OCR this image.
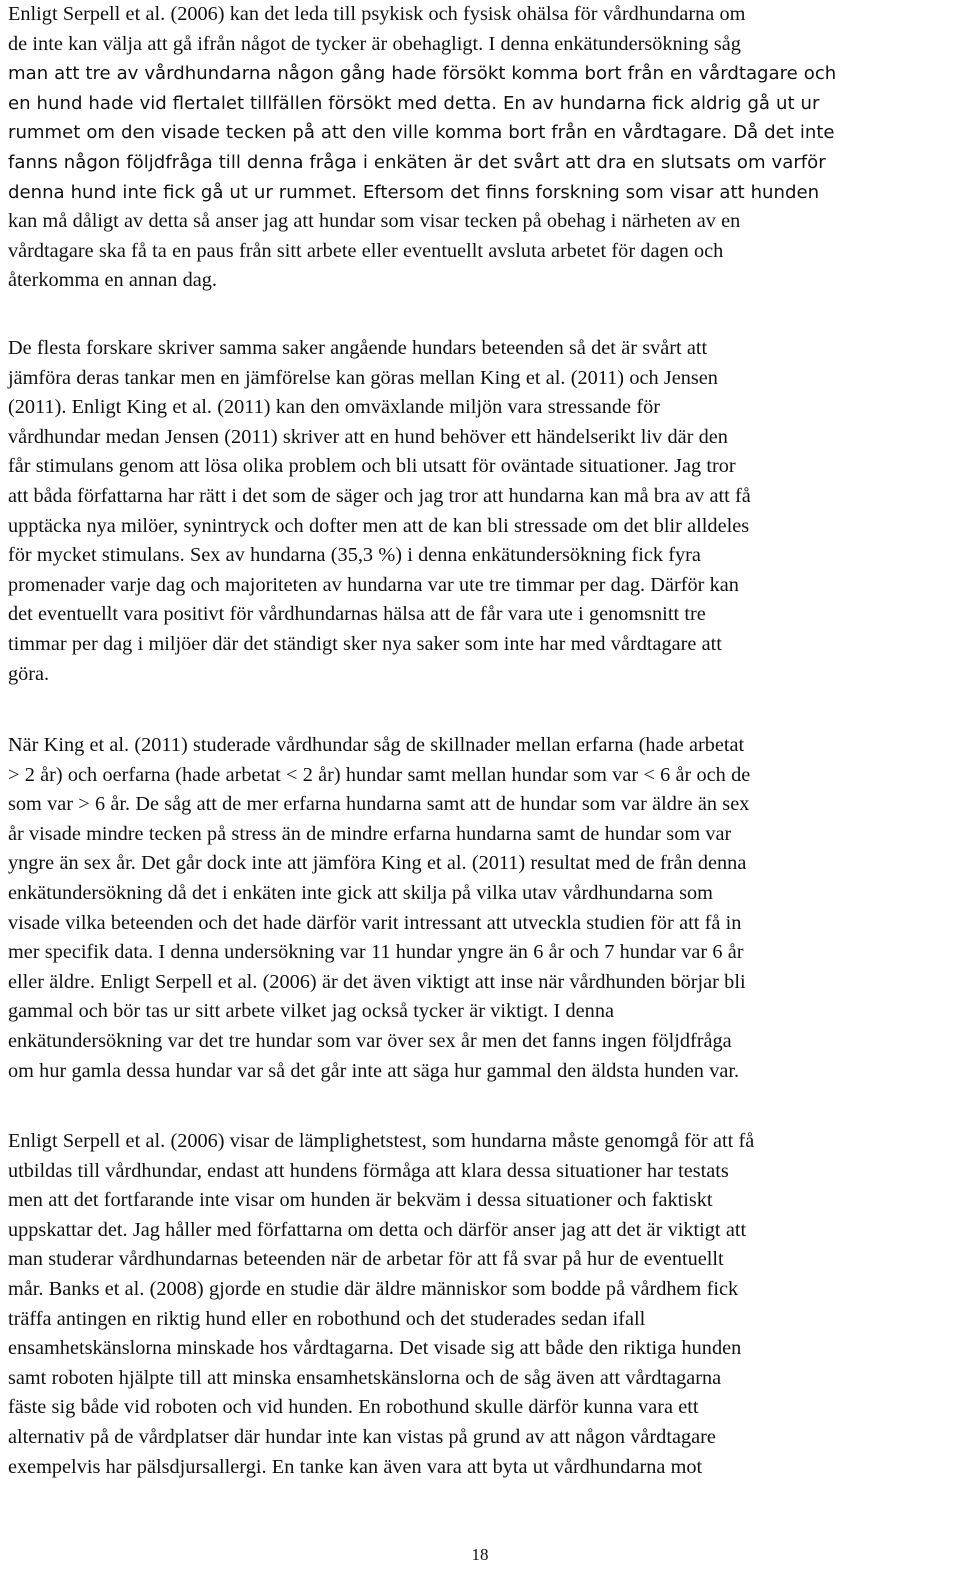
Enligt Serpell et al. (2006) kan det leda till psykisk och fysisk ohälsa för vårdhundarna om
de inte kan välja att gå ifrån något de tycker är obehagligt. I denna enkätundersökning såg
man att tre av vårdhundarna någon gång hade försökt komma bort från en vårdtagare och
en hund hade vid flertalet tillfällen försökt med detta. En av hundarna fick aldrig gå ut ur
rummet om den visade tecken på att den ville komma bort från en vårdtagare. Då det inte
fanns någon följdfråga till denna fråga i enkäten är det svårt att dra en slutsats om varför
denna hund inte fick gå ut ur rummet. Eftersom det finns forskning som visar att hunden
kan må dåligt av detta så anser jag att hundar som visar tecken på obehag i närheten av en
vårdtagare ska få ta en paus från sitt arbete eller eventuellt avsluta arbetet för dagen och
återkomma en annan dag.
De flesta forskare skriver samma saker angående hundars beteenden så det är svårt att
jämföra deras tankar men en jämförelse kan göras mellan King et al. (2011) och Jensen
(2011). Enligt King et al. (2011) kan den omväxlande miljön vara stressande för
vårdhundar medan Jensen (2011) skriver att en hund behöver ett händelserikt liv där den
får stimulans genom att lösa olika problem och bli utsatt för oväntade situationer. Jag tror
att båda författarna har rätt i det som de säger och jag tror att hundarna kan må bra av att få
upptäcka nya milöer, synintryck och dofter men att de kan bli stressade om det blir alldeles
för mycket stimulans. Sex av hundarna (35,3 %) i denna enkätundersökning fick fyra
promenader varje dag och majoriteten av hundarna var ute tre timmar per dag. Därför kan
det eventuellt vara positivt för vårdhundarnas hälsa att de får vara ute i genomsnitt tre
timmar per dag i miljöer där det ständigt sker nya saker som inte har med vårdtagare att
göra.
När King et al. (2011) studerade vårdhundar såg de skillnader mellan erfarna (hade arbetat
> 2 år) och oerfarna (hade arbetat < 2 år) hundar samt mellan hundar som var < 6 år och de
som var > 6 år. De såg att de mer erfarna hundarna samt att de hundar som var äldre än sex
år visade mindre tecken på stress än de mindre erfarna hundarna samt de hundar som var
yngre än sex år. Det går dock inte att jämföra King et al. (2011) resultat med de från denna
enkätundersökning då det i enkäten inte gick att skilja på vilka utav vårdhundarna som
visade vilka beteenden och det hade därför varit intressant att utveckla studien för att få in
mer specifik data. I denna undersökning var 11 hundar yngre än 6 år och 7 hundar var 6 år
eller äldre. Enligt Serpell et al. (2006) är det även viktigt att inse när vårdhunden börjar bli
gammal och bör tas ur sitt arbete vilket jag också tycker är viktigt. I denna
enkätundersökning var det tre hundar som var över sex år men det fanns ingen följdfråga
om hur gamla dessa hundar var så det går inte att säga hur gammal den äldsta hunden var.
Enligt Serpell et al. (2006) visar de lämplighetstest, som hundarna måste genomgå för att få
utbildas till vårdhundar, endast att hundens förmåga att klara dessa situationer har testats
men att det fortfarande inte visar om hunden är bekväm i dessa situationer och faktiskt
uppskattar det. Jag håller med författarna om detta och därför anser jag att det är viktigt att
man studerar vårdhundarnas beteenden när de arbetar för att få svar på hur de eventuellt
mår. Banks et al. (2008) gjorde en studie där äldre människor som bodde på vårdhem fick
träffa antingen en riktig hund eller en robothund och det studerades sedan ifall
ensamhetskänslorna minskade hos vårdtagarna. Det visade sig att både den riktiga hunden
samt roboten hjälpte till att minska ensamhetskänslorna och de såg även att vårdtagarna
fäste sig både vid roboten och vid hunden. En robothund skulle därför kunna vara ett
alternativ på de vårdplatser där hundar inte kan vistas på grund av att någon vårdtagare
exempelvis har pälsdjursallergi. En tanke kan även vara att byta ut vårdhundarna mot
18
